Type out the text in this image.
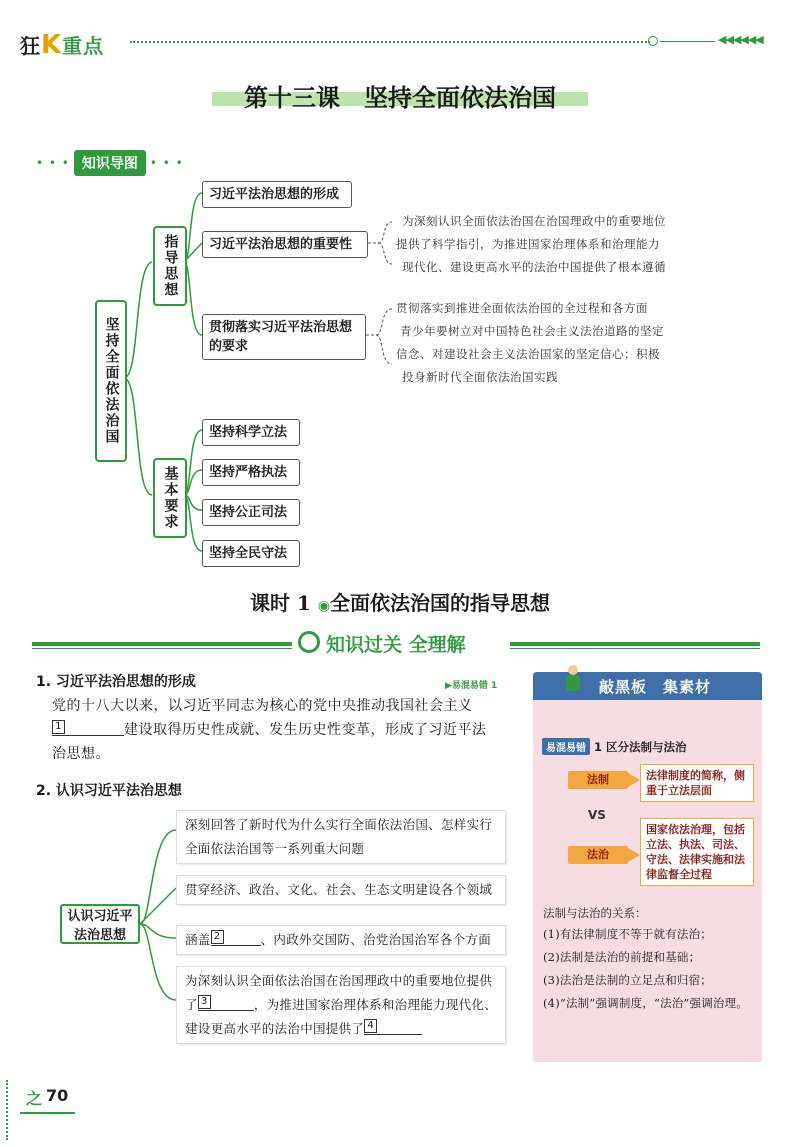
狂K重点	◀◀◀◀◀◀
第十三课　坚持全面依法治国
• • • 知识导图	• • •
坚持全面依法治国
指导思想
基本要求
习近平法治思想的形成
习近平法治思想的重要性
贯彻落实习近平法治思想的要求
为深刻认识全面依法治国在治国理政中的重要地位
提供了科学指引，为推进国家治理体系和治理能力
现代化、建设更高水平的法治中国提供了根本遵循
贯彻落实到推进全面依法治国的全过程和各方面
青少年要树立对中国特色社会主义法治道路的坚定
信念、对建设社会主义法治国家的坚定信心；积极
投身新时代全面依法治国实践
坚持科学立法
坚持严格执法
坚持公正司法
坚持全民守法
课时 1 ◉全面依法治国的指导思想
知识过关 全理解
1. 习近平法治思想的形成	▶易混易错 1
党的十八大以来，以习近平同志为核心的党中央推动我国社会主义
1	建设取得历史性成就、发生历史性变革，形成了习近平法
治思想。
2. 认识习近平法治思想
认识习近平法治思想
深刻回答了新时代为什么实行全面依法治国、怎样实行
全面依法治国等一系列重大问题
贯穿经济、政治、文化、社会、生态文明建设各个领域
涵盖 2	、内政外交国防、治党治国治军各个方面
为深刻认识全面依法治国在治国理政中的重要地位提供
了 3	，为推进国家治理体系和治理能力现代化、
建设更高水平的法治中国提供了 4
敲黑板　集素材
易混易错 1 区分法制与法治
法制	法律制度的简称，侧重于立法层面
VS
法治
国家依法治理，包括立法、执法、司法、守法、法律实施和法律监督全过程
法制与法治的关系：
(1)有法律制度不等于就有法治；
(2)法制是法治的前提和基础；
(3)法治是法制的立足点和归宿；
(4)“法制”强调制度，“法治”强调治理。
之 70
